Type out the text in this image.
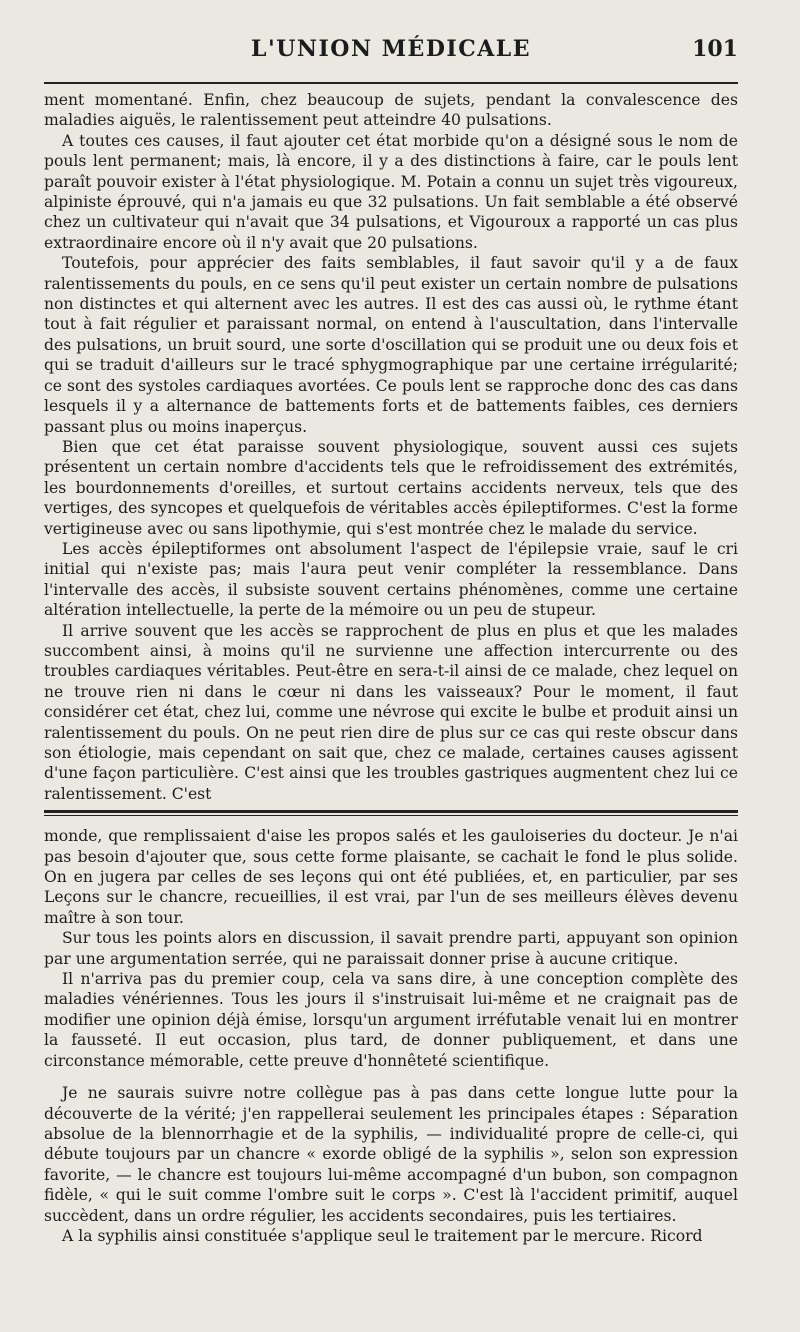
L'UNION MÉDICALE	101

ment momentané. Enfin, chez beaucoup de sujets, pendant la convalescence des maladies aiguës, le ralentissement peut atteindre 40 pulsations.

A toutes ces causes, il faut ajouter cet état morbide qu'on a désigné sous le nom de pouls lent permanent; mais, là encore, il y a des distinctions à faire, car le pouls lent paraît pouvoir exister à l'état physiologique. M. Potain a connu un sujet très vigoureux, alpiniste éprouvé, qui n'a jamais eu que 32 pulsations. Un fait semblable a été observé chez un cultivateur qui n'avait que 34 pulsations, et Vigouroux a rapporté un cas plus extraordinaire encore où il n'y avait que 20 pulsations.

Toutefois, pour apprécier des faits semblables, il faut savoir qu'il y a de faux ralentissements du pouls, en ce sens qu'il peut exister un certain nombre de pulsations non distinctes et qui alternent avec les autres. Il est des cas aussi où, le rythme étant tout à fait régulier et paraissant normal, on entend à l'auscultation, dans l'intervalle des pulsations, un bruit sourd, une sorte d'oscillation qui se produit une ou deux fois et qui se traduit d'ailleurs sur le tracé sphygmographique par une certaine irrégularité; ce sont des systoles cardiaques avortées. Ce pouls lent se rapproche donc des cas dans lesquels il y a alternance de battements forts et de battements faibles, ces derniers passant plus ou moins inaperçus.

Bien que cet état paraisse souvent physiologique, souvent aussi ces sujets présentent un certain nombre d'accidents tels que le refroidissement des extrémités, les bourdonnements d'oreilles, et surtout certains accidents nerveux, tels que des vertiges, des syncopes et quelquefois de véritables accès épileptiformes. C'est la forme vertigineuse avec ou sans lipothymie, qui s'est montrée chez le malade du service.

Les accès épileptiformes ont absolument l'aspect de l'épilepsie vraie, sauf le cri initial qui n'existe pas; mais l'aura peut venir compléter la ressemblance. Dans l'intervalle des accès, il subsiste souvent certains phénomènes, comme une certaine altération intellectuelle, la perte de la mémoire ou un peu de stupeur.

Il arrive souvent que les accès se rapprochent de plus en plus et que les malades succombent ainsi, à moins qu'il ne survienne une affection intercurrente ou des troubles cardiaques véritables. Peut-être en sera-t-il ainsi de ce malade, chez lequel on ne trouve rien ni dans le cœur ni dans les vaisseaux? Pour le moment, il faut considérer cet état, chez lui, comme une névrose qui excite le bulbe et produit ainsi un ralentissement du pouls. On ne peut rien dire de plus sur ce cas qui reste obscur dans son étiologie, mais cependant on sait que, chez ce malade, certaines causes agissent d'une façon particulière. C'est ainsi que les troubles gastriques augmentent chez lui ce ralentissement. C'est

monde, que remplissaient d'aise les propos salés et les gauloiseries du docteur. Je n'ai pas besoin d'ajouter que, sous cette forme plaisante, se cachait le fond le plus solide. On en jugera par celles de ses leçons qui ont été publiées, et, en particulier, par ses Leçons sur le chancre, recueillies, il est vrai, par l'un de ses meilleurs élèves devenu maître à son tour.

Sur tous les points alors en discussion, il savait prendre parti, appuyant son opinion par une argumentation serrée, qui ne paraissait donner prise à aucune critique.

Il n'arriva pas du premier coup, cela va sans dire, à une conception complète des maladies vénériennes. Tous les jours il s'instruisait lui-même et ne craignait pas de modifier une opinion déjà émise, lorsqu'un argument irréfutable venait lui en montrer la fausseté. Il eut occasion, plus tard, de donner publiquement, et dans une circonstance mémorable, cette preuve d'honnêteté scientifique.

Je ne saurais suivre notre collègue pas à pas dans cette longue lutte pour la découverte de la vérité; j'en rappellerai seulement les principales étapes : Séparation absolue de la blennorrhagie et de la syphilis, — individualité propre de celle-ci, qui débute toujours par un chancre « exorde obligé de la syphilis », selon son expression favorite, — le chancre est toujours lui-même accompagné d'un bubon, son compagnon fidèle, « qui le suit comme l'ombre suit le corps ». C'est là l'accident primitif, auquel succèdent, dans un ordre régulier, les accidents secondaires, puis les tertiaires.

A la syphilis ainsi constituée s'applique seul le traitement par le mercure. Ricord
